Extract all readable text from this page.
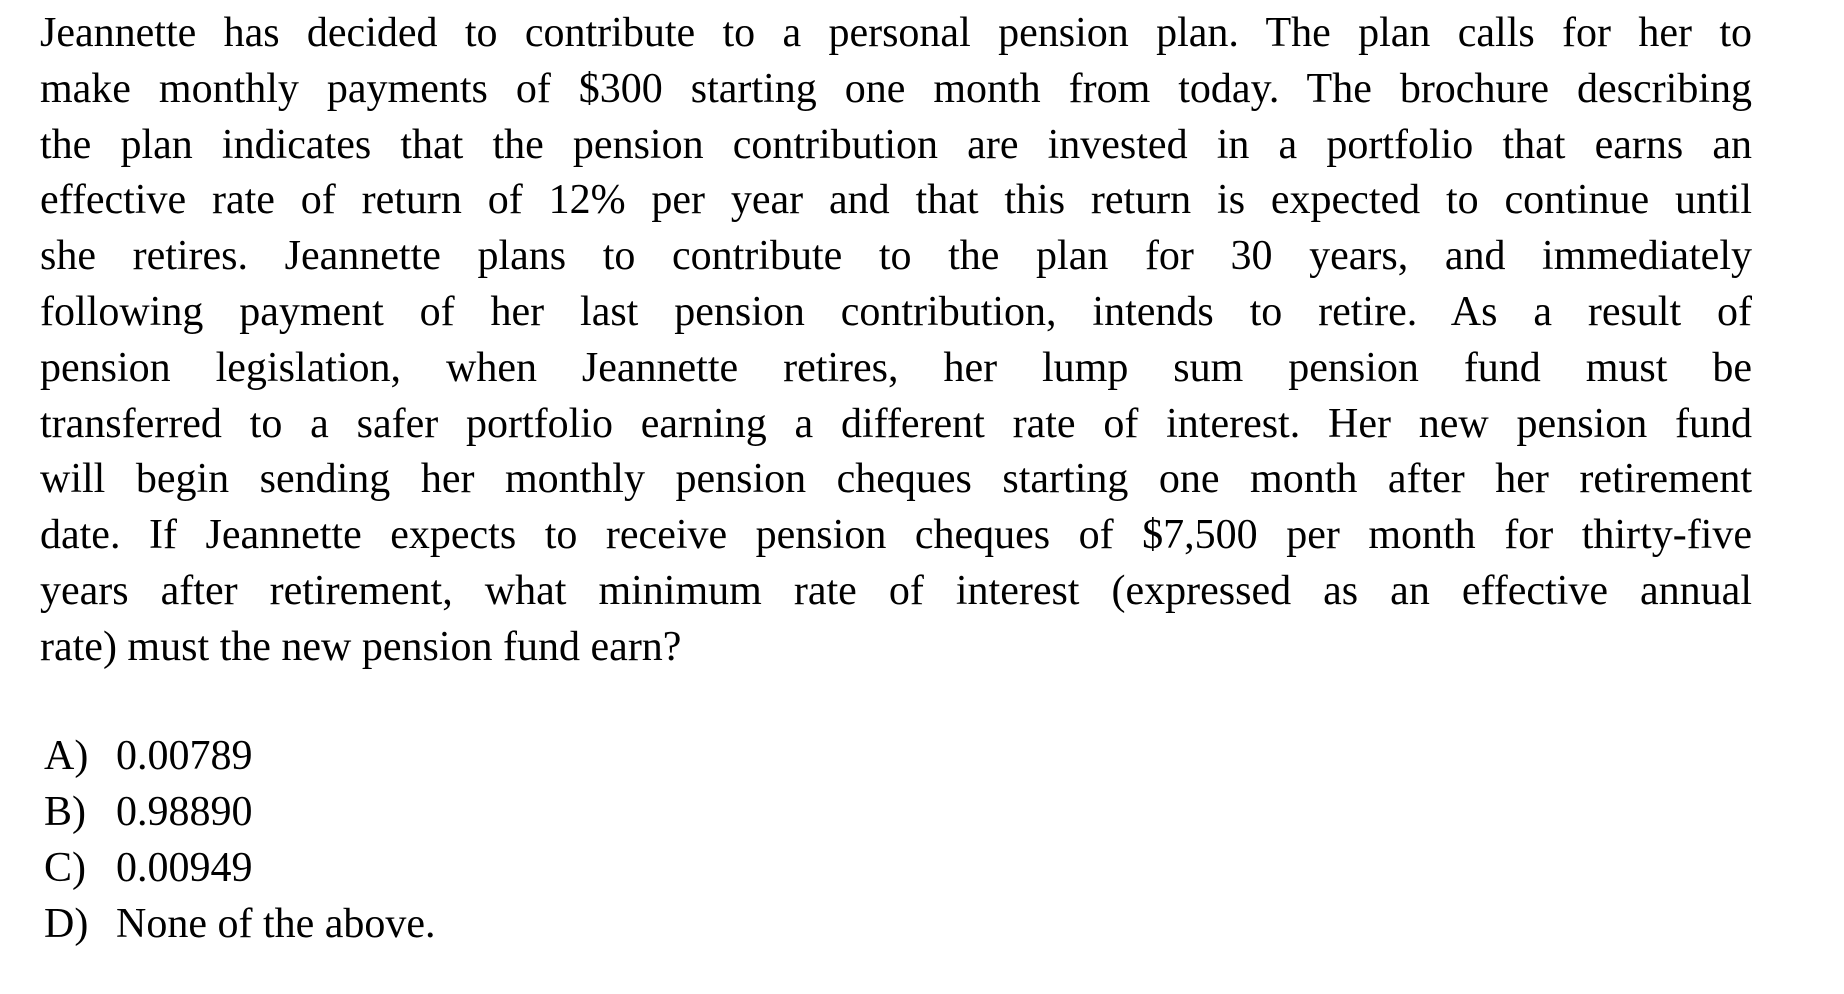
Jeannette has decided to contribute to a personal pension plan. The plan calls for her to
make monthly payments of $300 starting one month from today. The brochure describing
the plan indicates that the pension contribution are invested in a portfolio that earns an
effective rate of return of 12% per year and that this return is expected to continue until
she retires. Jeannette plans to contribute to the plan for 30 years, and immediately
following payment of her last pension contribution, intends to retire. As a result of
pension legislation, when Jeannette retires, her lump sum pension fund must be
transferred to a safer portfolio earning a different rate of interest. Her new pension fund
will begin sending her monthly pension cheques starting one month after her retirement
date. If Jeannette expects to receive pension cheques of $7,500 per month for thirty-five
years after retirement, what minimum rate of interest (expressed as an effective annual
rate) must the new pension fund earn?
A) 0.00789
B) 0.98890
C) 0.00949
D) None of the above.
